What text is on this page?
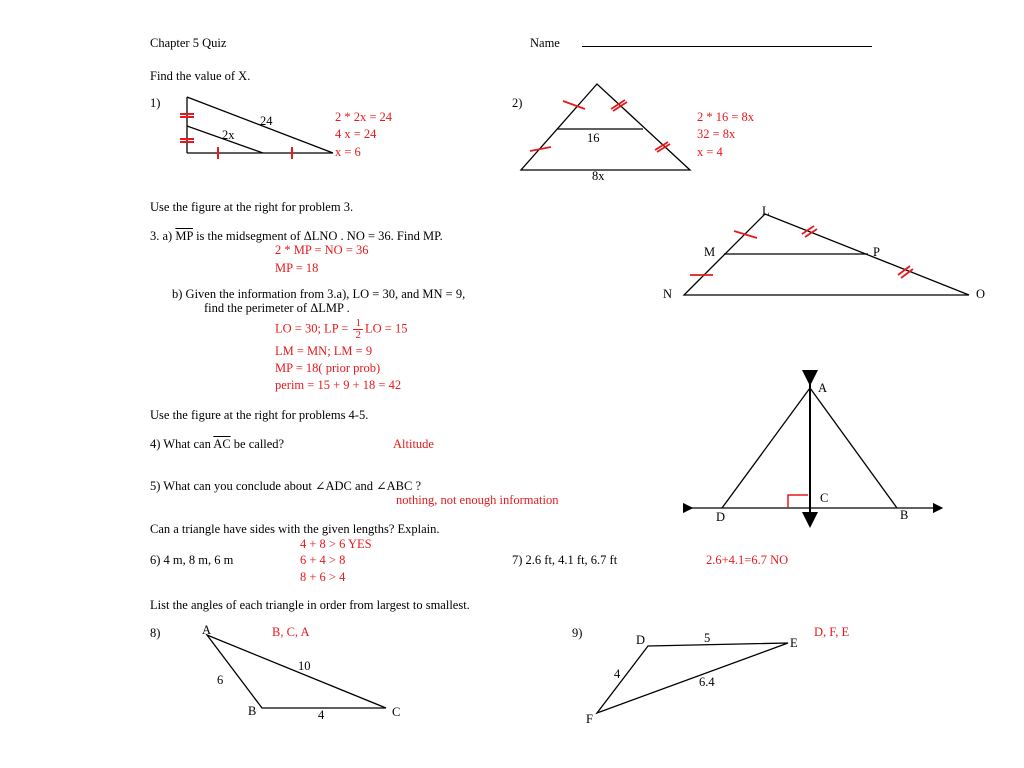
Chapter 5 Quiz	Name
Find the value of X.
1)
24
2x
2 * 2x = 24
4 x = 24
x = 6
2)
16
8x
2 * 16 = 8x
32 = 8x
x = 4
Use the figure at the right for problem 3.
3. a) $\overline{MP}$ is the midsegment of ΔLNO . NO = 36. Find MP.
2 * MP = NO = 36
MP = 18
b) Given the information from 3.a), LO = 30, and MN = 9,
find the perimeter of ΔLMP .
LO = 30; LP = $\frac{1}{2}$ LO = 15
LM = MN; LM = 9
MP = 18( prior prob)
perim = 15 + 9 + 18 = 42
L
M	P
N	O
Use the figure at the right for problems 4-5.
4) What can $\overline{AC}$ be called?	Altitude
5) What can you conclude about ∠ADC and ∠ABC ?
nothing, not enough information
A
C
D	B
Can a triangle have sides with the given lengths? Explain.
4 + 8 > 6 YES
6) 4 m, 8 m, 6 m	6 + 4 > 8
8 + 6 > 4
7) 2.6 ft, 4.1 ft, 6.7 ft	2.6+4.1=6.7 NO
List the angles of each triangle in order from largest to smallest.
8)	A	B, C, A
10
6
B	4	C
9)	D	5	E
D, F, E
4
6.4
F
